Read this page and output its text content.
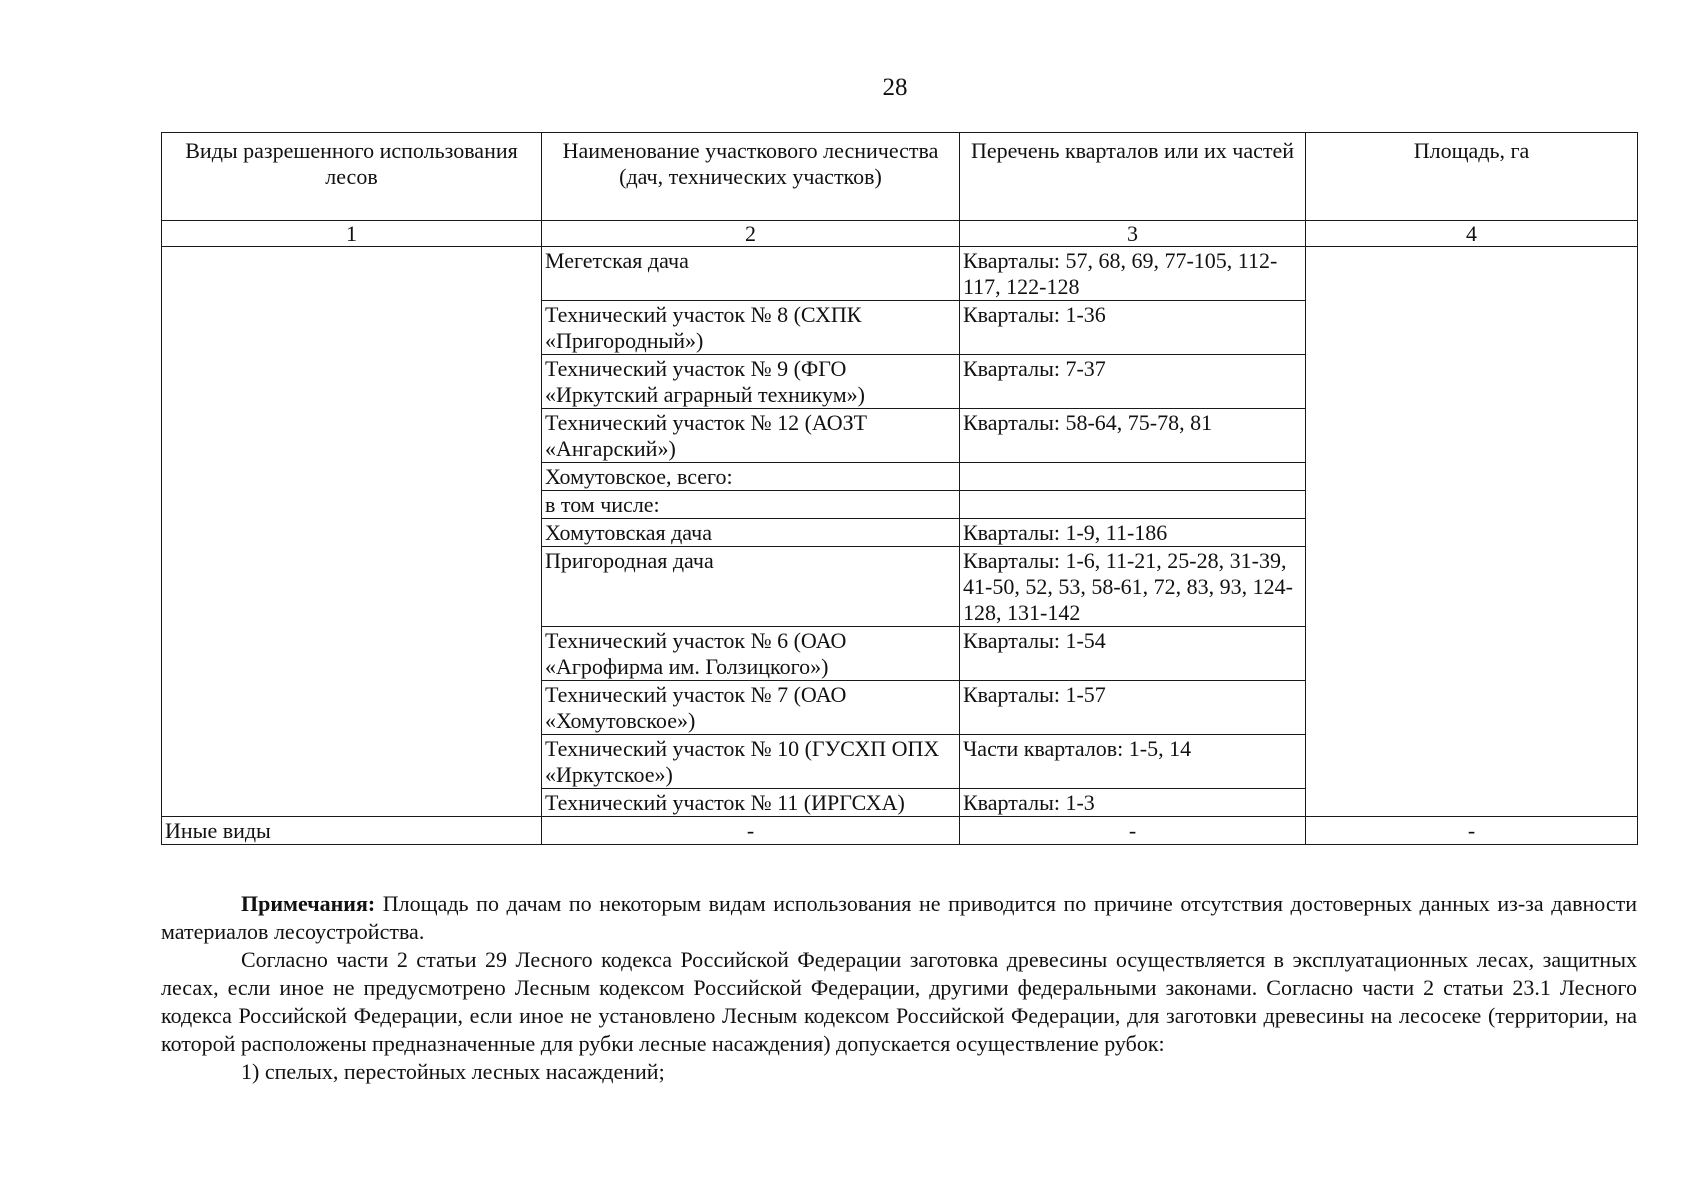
28
Виды разрешенного использования лесов	Наименование участкового лесничества (дач, технических участков)	Перечень кварталов или их частей	Площадь, га
1	2	3	4
	Мегетская дача	Кварталы: 57, 68, 69, 77-105, 112-117, 122-128	
	Технический участок № 8 (СХПК «Пригородный»)	Кварталы: 1-36	
	Технический участок № 9 (ФГО «Иркутский аграрный техникум»)	Кварталы: 7-37	
	Технический участок № 12 (АОЗТ «Ангарский»)	Кварталы: 58-64, 75-78, 81	
	Хомутовское, всего:		
	в том числе:		
	Хомутовская дача	Кварталы: 1-9, 11-186	
	Пригородная дача	Кварталы: 1-6, 11-21, 25-28, 31-39, 41-50, 52, 53, 58-61, 72, 83, 93, 124-128, 131-142	
	Технический участок № 6 (ОАО «Агрофирма им. Голзицкого»)	Кварталы: 1-54	
	Технический участок № 7 (ОАО «Хомутовское»)	Кварталы: 1-57	
	Технический участок № 10 (ГУСХП ОПХ «Иркутское»)	Части кварталов: 1-5, 14	
	Технический участок № 11 (ИРГСХА)	Кварталы: 1-3	
Иные виды	-	-	-

Примечания: Площадь по дачам по некоторым видам использования не приводится по причине отсутствия достоверных данных из-за давности материалов лесоустройства.

Согласно части 2 статьи 29 Лесного кодекса Российской Федерации заготовка древесины осуществляется в эксплуатационных лесах, защитных лесах, если иное не предусмотрено Лесным кодексом Российской Федерации, другими федеральными законами. Согласно части 2 статьи 23.1 Лесного кодекса Российской Федерации, если иное не установлено Лесным кодексом Российской Федерации, для заготовки древесины на лесосеке (территории, на которой расположены предназначенные для рубки лесные насаждения) допускается осуществление рубок:

1) спелых, перестойных лесных насаждений;
